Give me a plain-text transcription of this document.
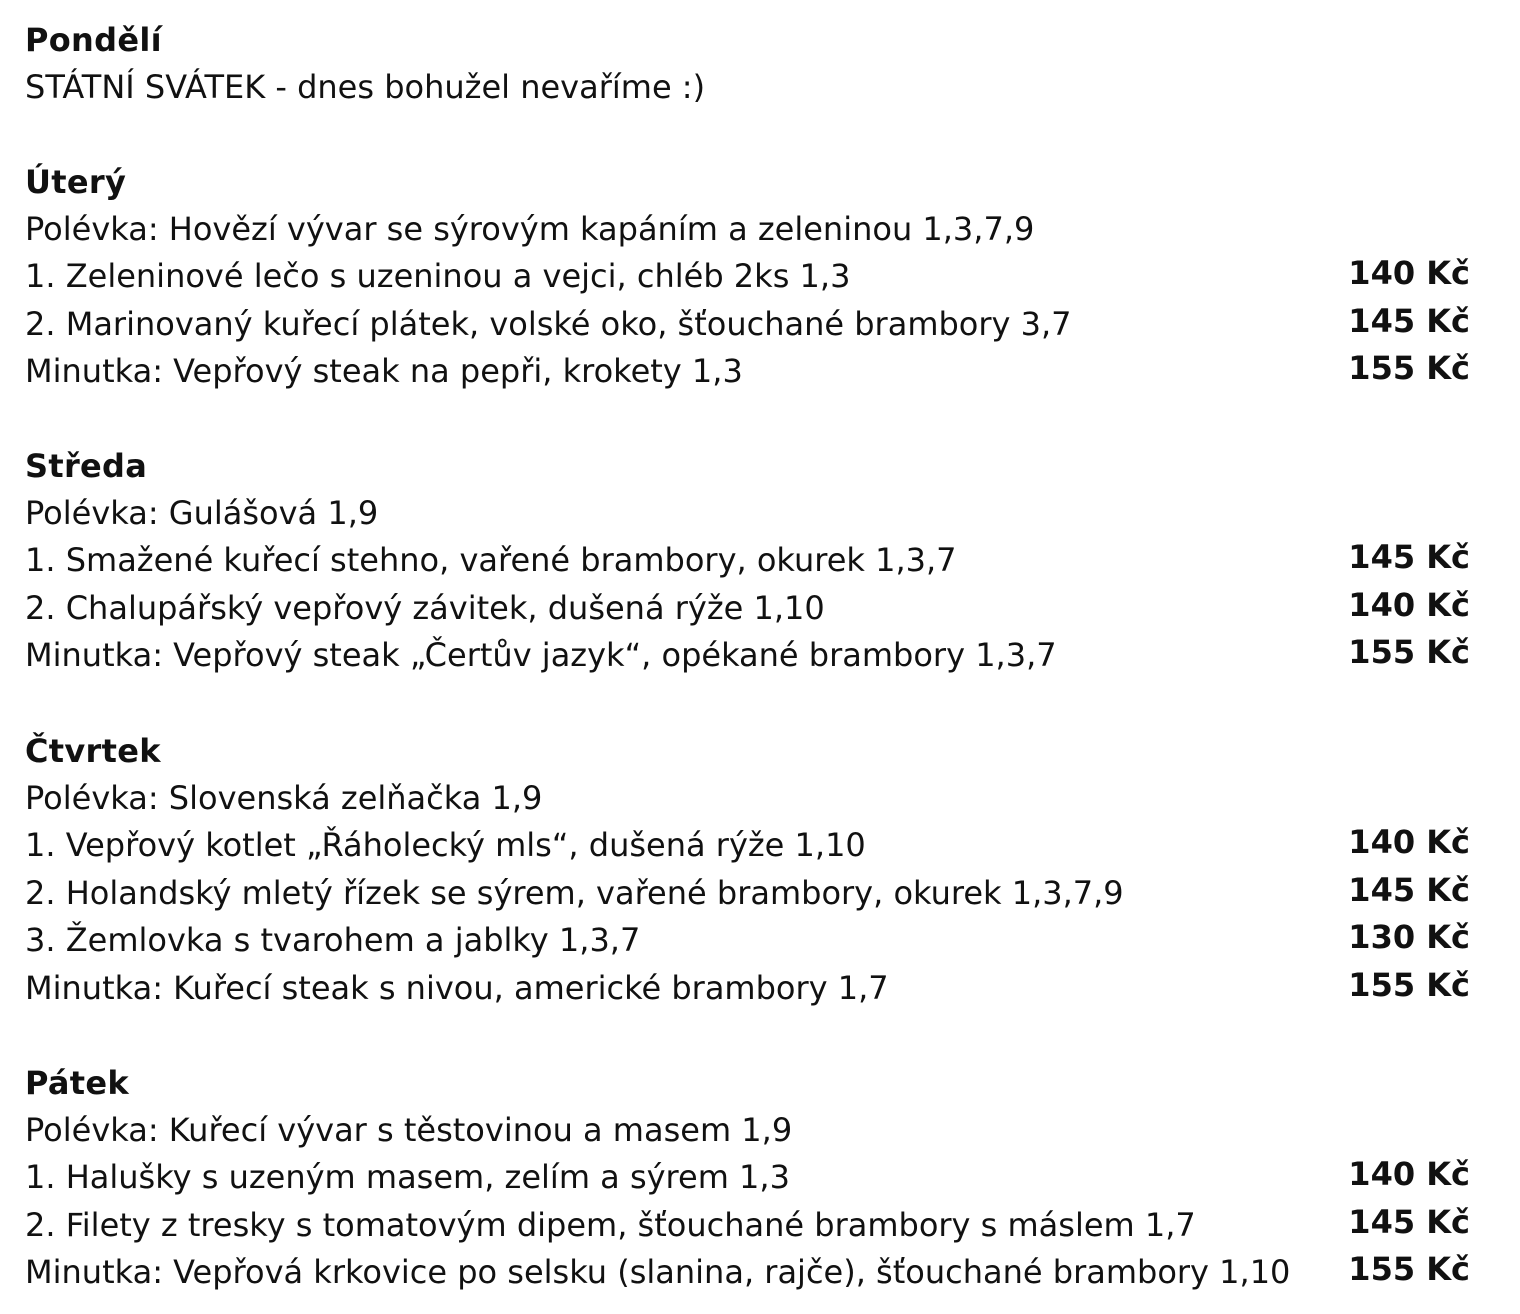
Pondělí
STÁTNÍ SVÁTEK - dnes bohužel nevaříme :)
Úterý
Polévka: Hovězí vývar se sýrovým kapáním a zeleninou 1,3,7,9
1. Zeleninové lečo s uzeninou a vejci, chléb 2ks 1,3	140 Kč
2. Marinovaný kuřecí plátek, volské oko, šťouchané brambory 3,7	145 Kč
Minutka: Vepřový steak na pepři, krokety 1,3	155 Kč
Středa
Polévka: Gulášová 1,9
1. Smažené kuřecí stehno, vařené brambory, okurek 1,3,7	145 Kč
2. Chalupářský vepřový závitek, dušená rýže 1,10	140 Kč
Minutka: Vepřový steak „Čertův jazyk“, opékané brambory 1,3,7	155 Kč
Čtvrtek
Polévka: Slovenská zelňačka 1,9
1. Vepřový kotlet „Řáholecký mls“, dušená rýže 1,10	140 Kč
2. Holandský mletý řízek se sýrem, vařené brambory, okurek 1,3,7,9	145 Kč
3. Žemlovka s tvarohem a jablky 1,3,7	130 Kč
Minutka: Kuřecí steak s nivou, americké brambory 1,7	155 Kč
Pátek
Polévka: Kuřecí vývar s těstovinou a masem 1,9
1. Halušky s uzeným masem, zelím a sýrem 1,3	140 Kč
2. Filety z tresky s tomatovým dipem, šťouchané brambory s máslem 1,7	145 Kč
Minutka: Vepřová krkovice po selsku (slanina, rajče), šťouchané brambory 1,10 155 Kč
